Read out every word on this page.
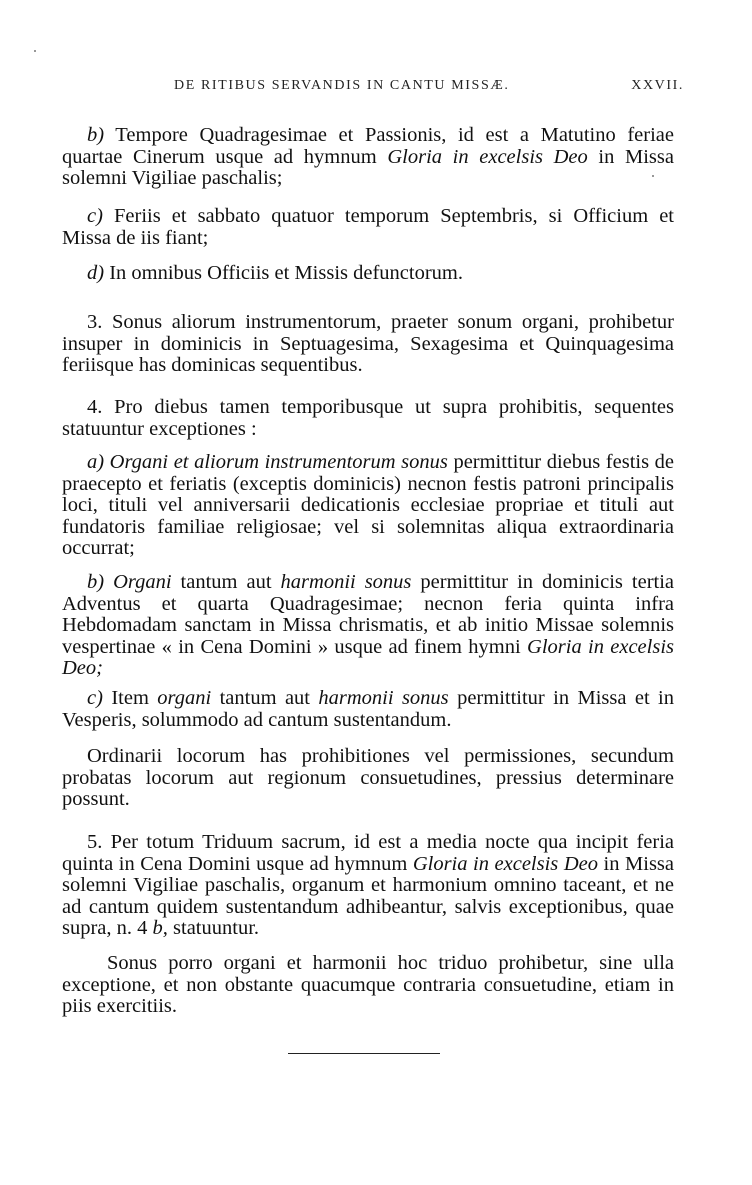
DE RITIBUS SERVANDIS IN CANTU MISSÆ.	XXVII.

b) Tempore Quadragesimae et Passionis, id est a Matutino feriae quartae Cinerum usque ad hymnum Gloria in excelsis Deo in Missa solemni Vigiliae paschalis;

c) Feriis et sabbato quatuor temporum Septembris, si Officium et Missa de iis fiant;

d) In omnibus Officiis et Missis defunctorum.

3. Sonus aliorum instrumentorum, praeter sonum organi, prohibetur insuper in dominicis in Septuagesima, Sexagesima et Quinquagesima feriisque has dominicas sequentibus.

4. Pro diebus tamen temporibusque ut supra prohibitis, sequentes statuuntur exceptiones :

a) Organi et aliorum instrumentorum sonus permittitur diebus festis de praecepto et feriatis (exceptis dominicis) necnon festis patroni principalis loci, tituli vel anniversarii dedicationis ecclesiae propriae et tituli aut fundatoris familiae religiosae; vel si solemnitas aliqua extraordinaria occurrat;

b) Organi tantum aut harmonii sonus permittitur in dominicis tertia Adventus et quarta Quadragesimae; necnon feria quinta infra Hebdomadam sanctam in Missa chrismatis, et ab initio Missae solemnis vespertinae « in Cena Domini » usque ad finem hymni Gloria in excelsis Deo;

c) Item organi tantum aut harmonii sonus permittitur in Missa et in Vesperis, solummodo ad cantum sustentandum.

Ordinarii locorum has prohibitiones vel permissiones, secundum probatas locorum aut regionum consuetudines, pressius determinare possunt.

5. Per totum Triduum sacrum, id est a media nocte qua incipit feria quinta in Cena Domini usque ad hymnum Gloria in excelsis Deo in Missa solemni Vigiliae paschalis, organum et harmonium omnino taceant, et ne ad cantum quidem sustentandum adhibeantur, salvis exceptionibus, quae supra, n. 4 b, statuuntur.

Sonus porro organi et harmonii hoc triduo prohibetur, sine ulla exceptione, et non obstante quacumque contraria consuetudine, etiam in piis exercitiis.
